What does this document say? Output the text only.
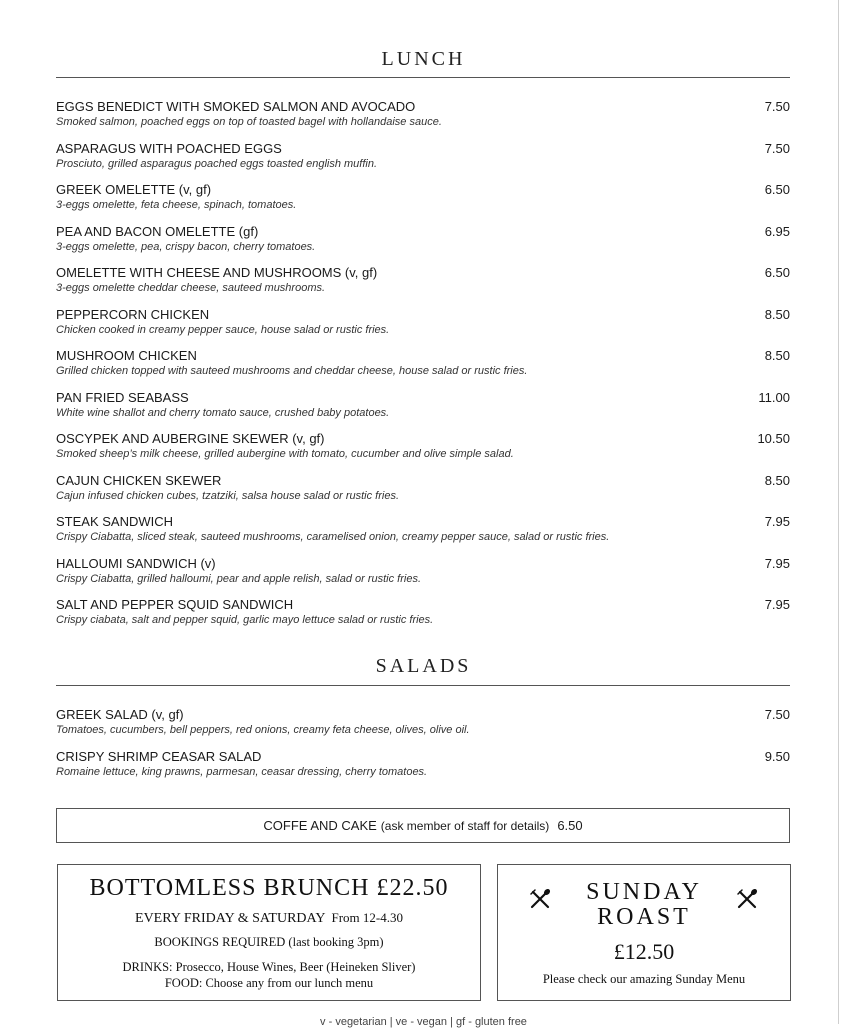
LUNCH
EGGS BENEDICT WITH SMOKED SALMON AND AVOCADO
Smoked salmon, poached eggs on top of toasted bagel with hollandaise sauce.
7.50
ASPARAGUS WITH POACHED EGGS
Prosciuto, grilled asparagus poached eggs toasted english muffin.
7.50
GREEK OMELETTE (v, gf)
3-eggs omelette, feta cheese, spinach, tomatoes.
6.50
PEA AND BACON OMELETTE (gf)
3-eggs omelette, pea, crispy bacon, cherry tomatoes.
6.95
OMELETTE WITH CHEESE AND MUSHROOMS (v, gf)
3-eggs omelette cheddar cheese, sauteed mushrooms.
6.50
PEPPERCORN CHICKEN
Chicken cooked in creamy pepper sauce, house salad or rustic fries.
8.50
MUSHROOM CHICKEN
Grilled chicken topped with sauteed mushrooms and cheddar cheese, house salad or rustic fries.
8.50
PAN FRIED SEABASS
White wine shallot and cherry tomato sauce, crushed baby potatoes.
11.00
OSCYPEK AND AUBERGINE SKEWER (v, gf)
Smoked sheep’s milk cheese, grilled aubergine with tomato, cucumber and olive simple salad.
10.50
CAJUN CHICKEN SKEWER
Cajun infused chicken cubes, tzatziki, salsa house salad or rustic fries.
8.50
STEAK SANDWICH
Crispy Ciabatta, sliced steak, sauteed mushrooms, caramelised onion, creamy pepper sauce, salad or rustic fries.
7.95
HALLOUMI SANDWICH (v)
Crispy Ciabatta, grilled halloumi, pear and apple relish, salad or rustic fries.
7.95
SALT AND PEPPER SQUID SANDWICH
Crispy ciabata, salt and pepper squid, garlic mayo lettuce salad or rustic fries.
7.95
SALADS
GREEK SALAD (v, gf)
Tomatoes, cucumbers, bell peppers, red onions, creamy feta cheese, olives, olive oil.
7.50
CRISPY SHRIMP CEASAR SALAD
Romaine lettuce, king prawns, parmesan, ceasar dressing, cherry tomatoes.
9.50
COFFE AND CAKE (ask member of staff for details) 6.50
BOTTOMLESS BRUNCH £22.50
EVERY FRIDAY & SATURDAY From 12-4.30
BOOKINGS REQUIRED (last booking 3pm)
DRINKS: Prosecco, House Wines, Beer (Heineken Sliver)
FOOD: Choose any from our lunch menu
SUNDAY
ROAST
£12.50
Please check our amazing Sunday Menu
v - vegetarian | ve - vegan | gf - gluten free
